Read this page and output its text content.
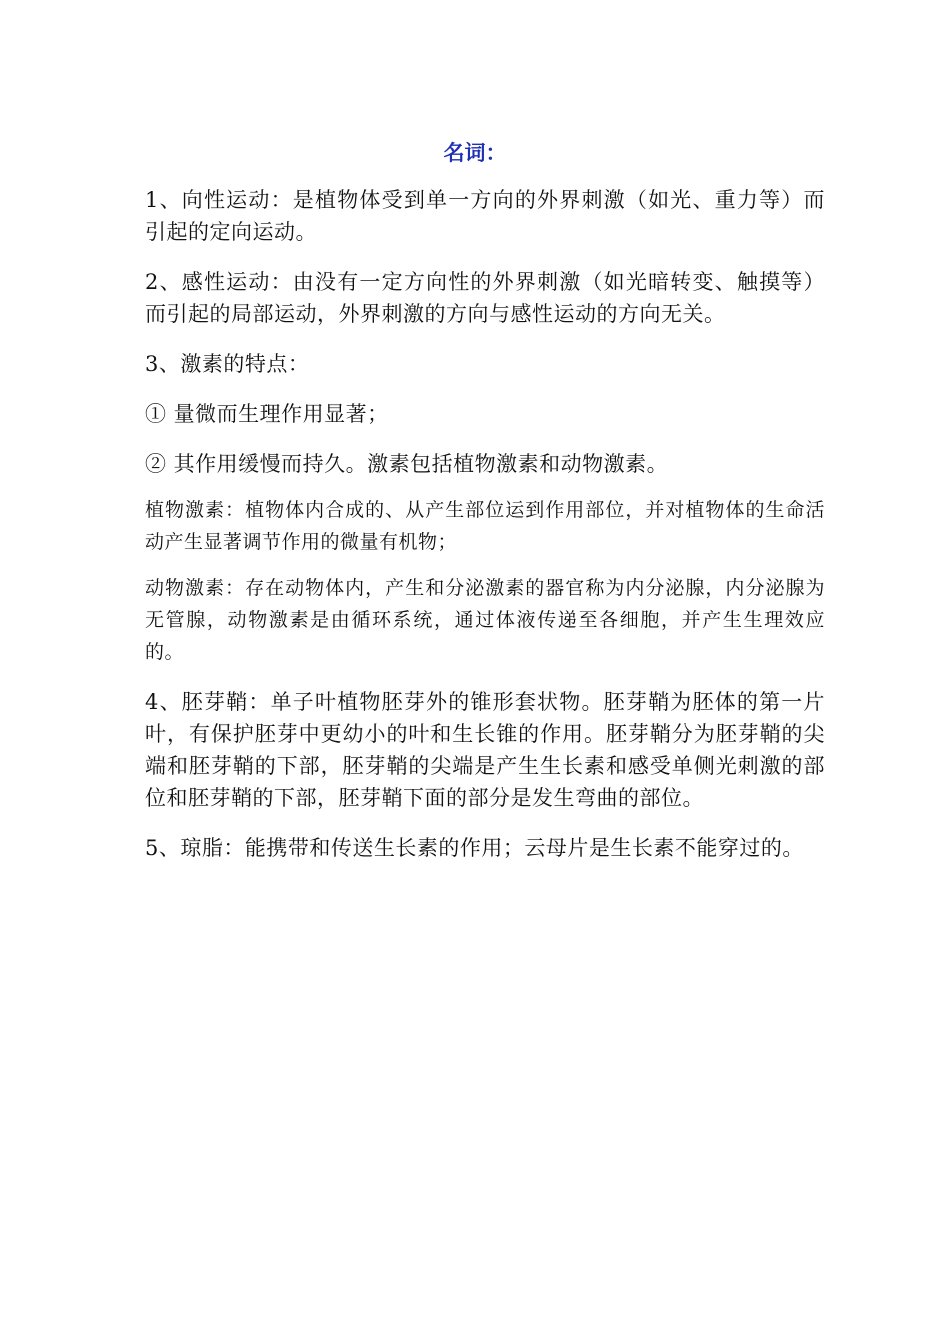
名词：

1、向性运动：是植物体受到单一方向的外界刺激（如光、重力等）而引起的定向运动。

2、感性运动：由没有一定方向性的外界刺激（如光暗转变、触摸等）而引起的局部运动，外界刺激的方向与感性运动的方向无关。

3、激素的特点：

① 量微而生理作用显著；

② 其作用缓慢而持久。激素包括植物激素和动物激素。

植物激素：植物体内合成的、从产生部位运到作用部位，并对植物体的生命活动产生显著调节作用的微量有机物；

动物激素：存在动物体内，产生和分泌激素的器官称为内分泌腺，内分泌腺为无管腺，动物激素是由循环系统，通过体液传递至各细胞，并产生生理效应的。

4、胚芽鞘：单子叶植物胚芽外的锥形套状物。胚芽鞘为胚体的第一片叶，有保护胚芽中更幼小的叶和生长锥的作用。胚芽鞘分为胚芽鞘的尖端和胚芽鞘的下部，胚芽鞘的尖端是产生生长素和感受单侧光刺激的部位和胚芽鞘的下部，胚芽鞘下面的部分是发生弯曲的部位。

5、琼脂：能携带和传送生长素的作用；云母片是生长素不能穿过的。
